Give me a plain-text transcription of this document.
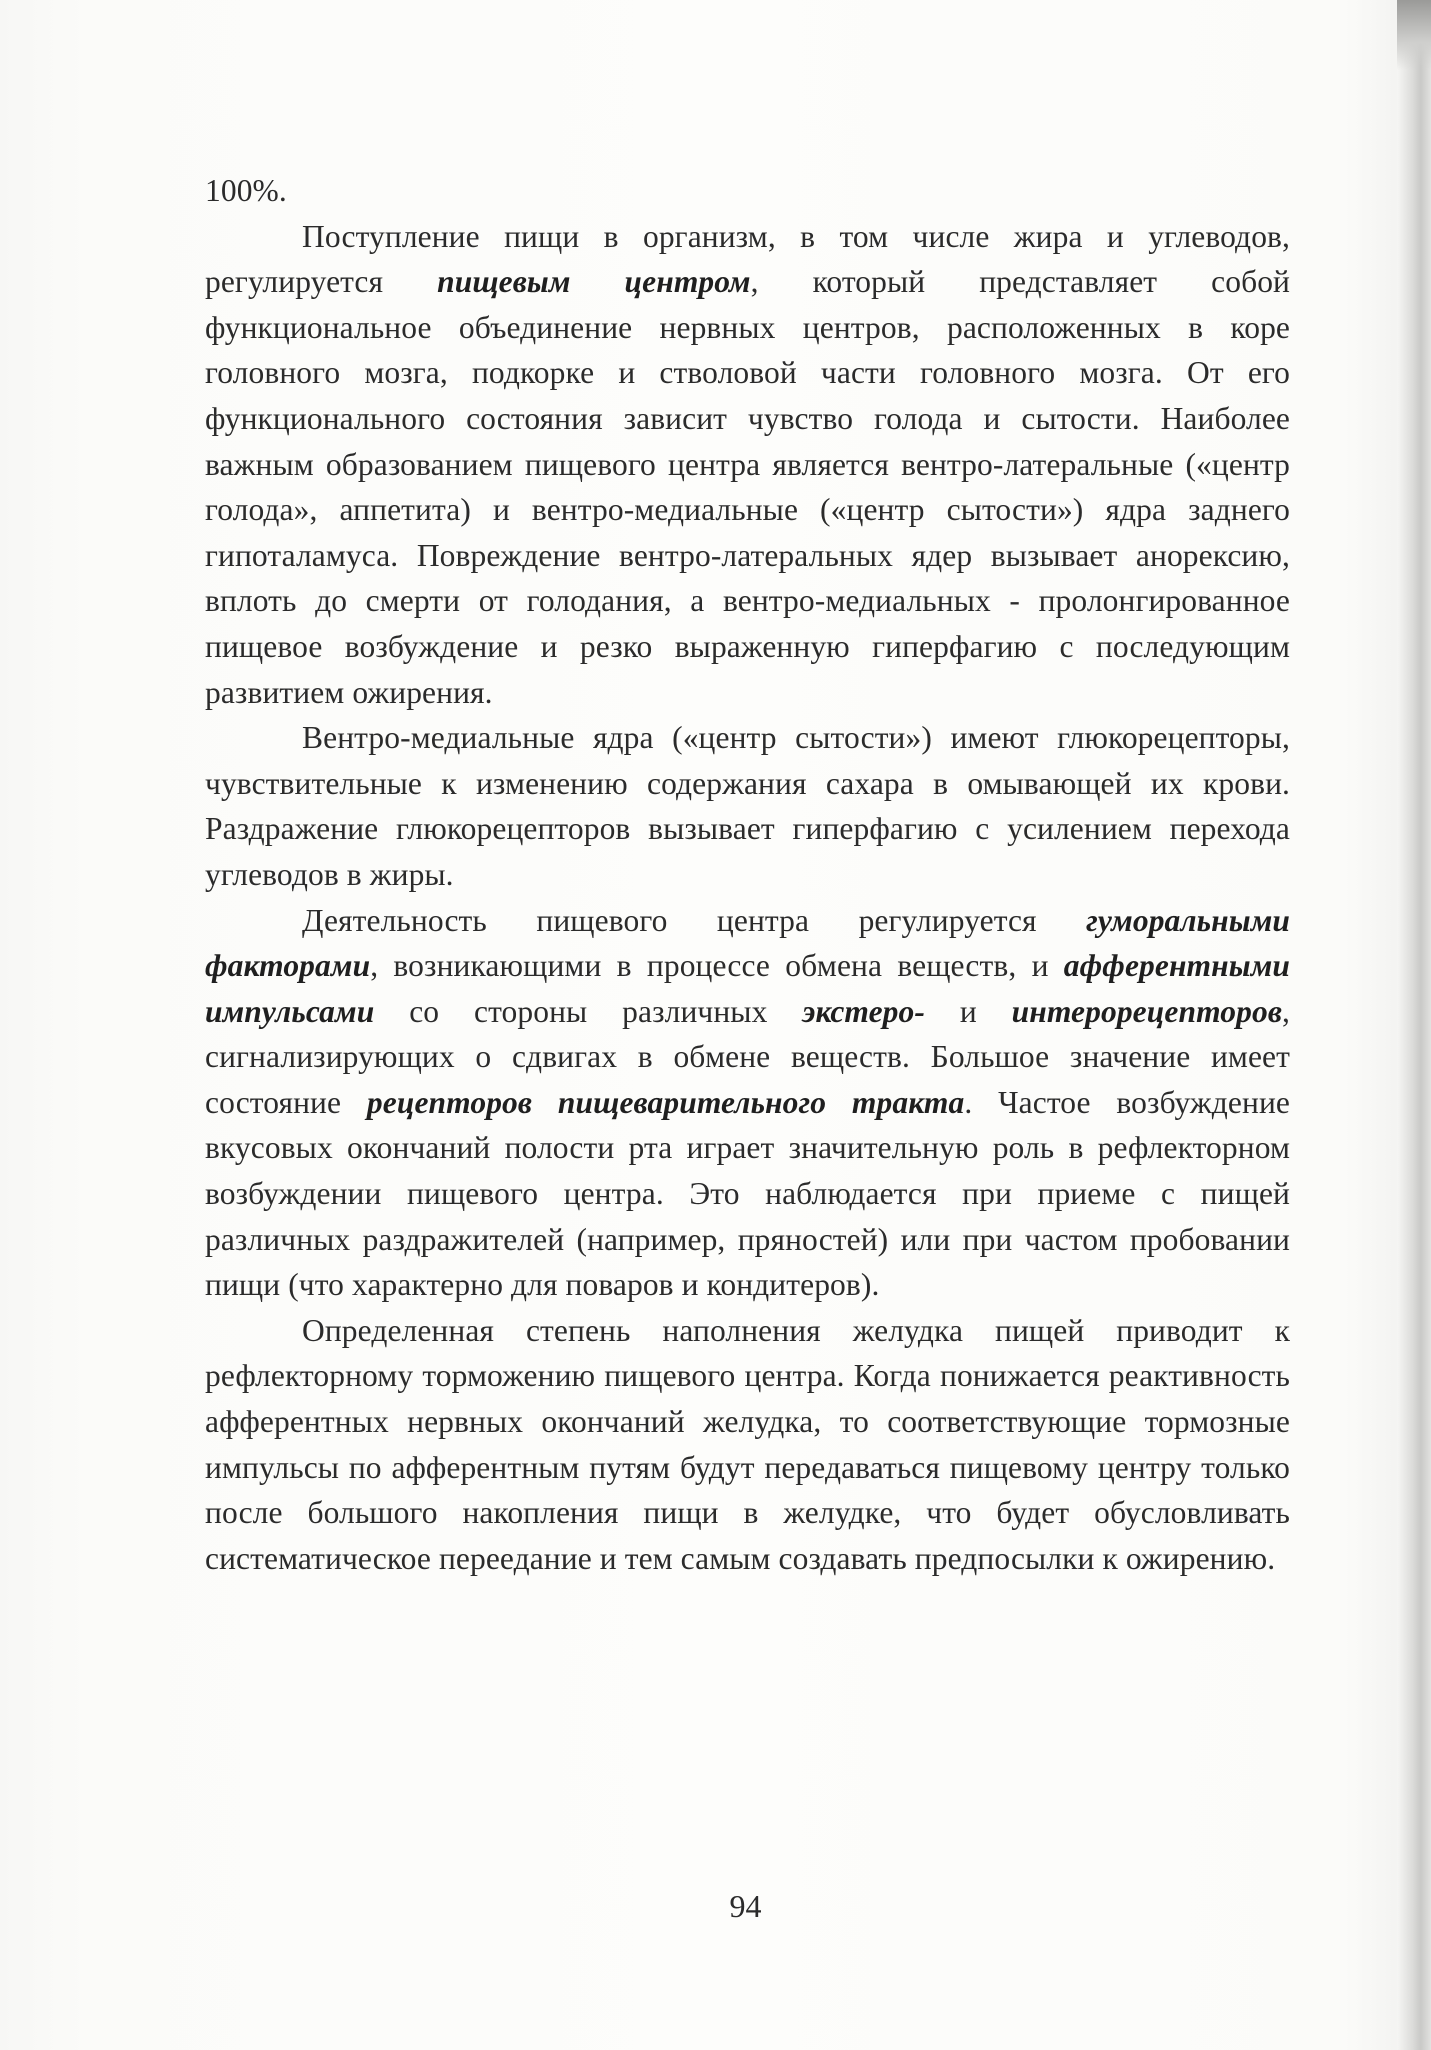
100%.

Поступление пищи в организм, в том числе жира и углеводов, регулируется пищевым центром, который представляет собой функциональное объединение нервных центров, расположенных в коре головного мозга, подкорке и стволовой части головного мозга. От его функционального состояния зависит чувство голода и сытости. Наиболее важным образованием пищевого центра является вентро-латеральные («центр голода», аппетита) и вентро-медиальные («центр сытости») ядра заднего гипоталамуса. Повреждение вентро-латеральных ядер вызывает анорексию, вплоть до смерти от голодания, а вентро-медиальных - пролонгированное пищевое возбуждение и резко выраженную гиперфагию с последующим развитием ожирения.

Вентро-медиальные ядра («центр сытости») имеют глюкорецепторы, чувствительные к изменению содержания сахара в омывающей их крови. Раздражение глюкорецепторов вызывает гиперфагию с усилением перехода углеводов в жиры.

Деятельность пищевого центра регулируется гуморальными факторами, возникающими в процессе обмена веществ, и афферентными импульсами со стороны различных экстеро- и интерорецепторов, сигнализирующих о сдвигах в обмене веществ. Большое значение имеет состояние рецепторов пищеварительного тракта. Частое возбуждение вкусовых окончаний полости рта играет значительную роль в рефлекторном возбуждении пищевого центра. Это наблюдается при приеме с пищей различных раздражителей (например, пряностей) или при частом пробовании пищи (что характерно для поваров и кондитеров).

Определенная степень наполнения желудка пищей приводит к рефлекторному торможению пищевого центра. Когда понижается реактивность афферентных нервных окончаний желудка, то соответствующие тормозные импульсы по афферентным путям будут передаваться пищевому центру только после большого накопления пищи в желудке, что будет обусловливать систематическое переедание и тем самым создавать предпосылки к ожирению.

94
